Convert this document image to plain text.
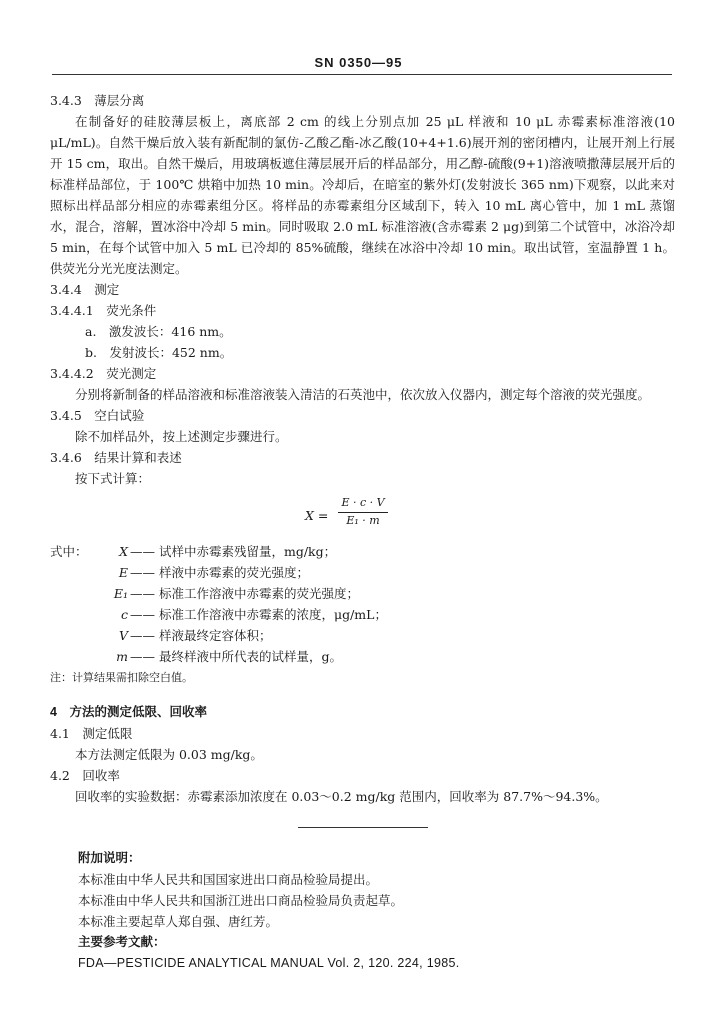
SN 0350—95

3.4.3　薄层分离

在制备好的硅胶薄层板上，离底部 2 cm 的线上分别点加 25 μL 样液和 10 μL 赤霉素标准溶液(10 μL/mL)。自然干燥后放入装有新配制的氯仿-乙酸乙酯-冰乙酸(10+4+1.6)展开剂的密闭槽内，让展开剂上行展开 15 cm，取出。自然干燥后，用玻璃板遮住薄层展开后的样品部分，用乙醇-硫酸(9+1)溶液喷撒薄层展开后的标准样品部位，于 100℃ 烘箱中加热 10 min。冷却后，在暗室的紫外灯(发射波长 365 nm)下观察，以此来对照标出样品部分相应的赤霉素组分区。将样品的赤霉素组分区域刮下，转入 10 mL 离心管中，加 1 mL 蒸馏水，混合，溶解，置冰浴中冷却 5 min。同时吸取 2.0 mL 标准溶液(含赤霉素 2 μg)到第二个试管中，冰浴冷却 5 min，在每个试管中加入 5 mL 已冷却的 85%硫酸，继续在冰浴中冷却 10 min。取出试管，室温静置 1 h。供荧光分光光度法测定。

3.4.4　测定

3.4.4.1　荧光条件

a.　激发波长：416 nm。

b.　发射波长：452 nm。

3.4.4.2　荧光测定

分别将新制备的样品溶液和标准溶液装入清洁的石英池中，依次放入仪器内，测定每个溶液的荧光强度。

3.4.5　空白试验

除不加样品外，按上述测定步骤进行。

3.4.6　结果计算和表述

按下式计算：

$X = \frac{E \cdot c \cdot V}{\text{E₁ · m}}$
式中：	X —— 试样中赤霉素残留量，mg/kg；
E —— 样液中赤霉素的荧光强度；
E₁ —— 标准工作溶液中赤霉素的荧光强度；
c —— 标准工作溶液中赤霉素的浓度，μg/mL；
V —— 样液最终定容体积；
m —— 最终样液中所代表的试样量，g。

注：计算结果需扣除空白值。

4　方法的测定低限、回收率

4.1　测定低限

本方法测定低限为 0.03 mg/kg。

4.2　回收率

回收率的实验数据：赤霉素添加浓度在 0.03～0.2 mg/kg 范围内，回收率为 87.7%～94.3%。

附加说明：

本标准由中华人民共和国国家进出口商品检验局提出。

本标准由中华人民共和国浙江进出口商品检验局负责起草。

本标准主要起草人郑自强、唐红芳。

主要参考文献：

FDA—PESTICIDE ANALYTICAL MANUAL Vol. 2, 120. 224, 1985.
